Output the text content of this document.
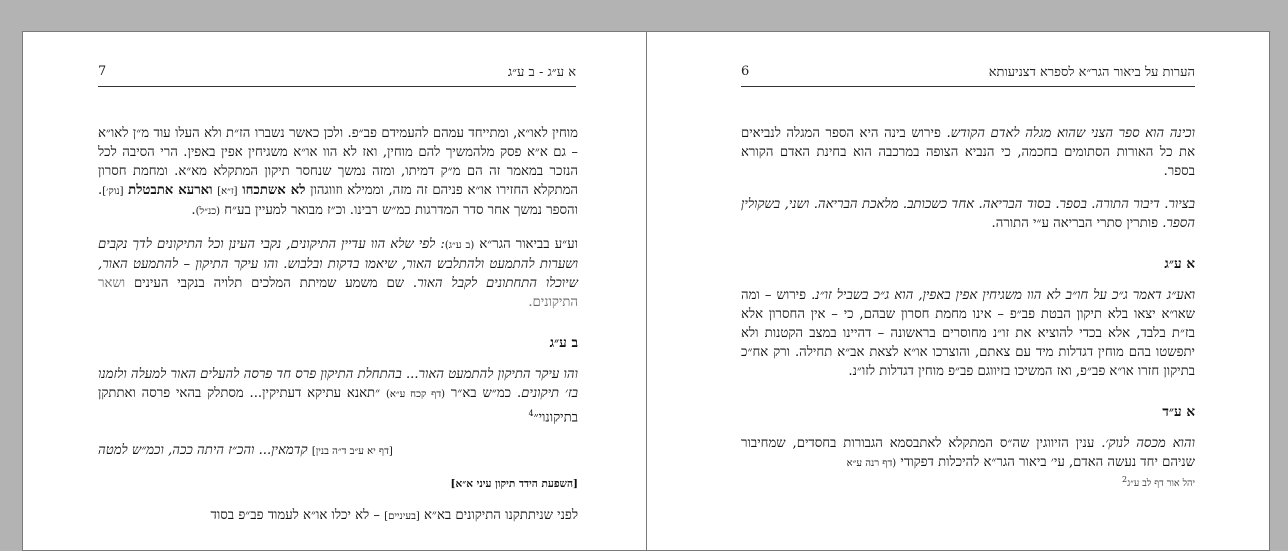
7	א ע״ג - ב ע״ג

מוחין לאו״א, ומתייחד עמהם להעמידם פב״פ. ולכן כאשר נשברו הז״ת ולא העלו עוד מ״ן לאו״א – גם א״א פסק מלהמשיך להם מוחין, ואז לא הוו או״א משגיחין אפין באפין. הרי הסיבה לכל הנזכר במאמר זה הם מ״ק דמיתו, ומזה נמשך שנחסר תיקון המתקלא מא״א. ומחמת חסרון המתקלא החזירו או״א פניהם זה מזה, וממילא וזווגהון לא אשתכחו [ז״א] וארעא אתבטלת [נוק׳]. והספר נמשך אחר סדר המדרגות כמ״ש רבינו. וכ״ז מבואר למעיין בע״ח (כנ״ל).

וע״ע בביאור הגר״א (ב ע״ג): לפי שלא הוו עדיין התיקונים, נקבי העינן וכל התיקונים לדך נקבים ושערות להתמעט ולהתלבש האור, שיאמו בדקות ובלבוש. והו עיקר התיקון – להתמעט האור, שיוכלו התחתונים לקבל האור. שם משמע שמיתת המלכים תלויה בנקבי העינים ושאר התיקונים.

ב ע״ג

והו עיקר התיקון להתמעט האור... בהתחלת התיקון פרס חד פרסה להעלים האור למעלה ולזמנו בז׳ תיקונים. כמ״ש בא״ר (דף קכח ע״א) ״תאנא עתיקא דעתיקין... מסתלק בהאי פרסה ואתתקן בתיקונוי״$^4$

[דף יא ע״ב ד״ה בנין] קדמאין... והכ״ז היתה ככה, וכמ״ש למטה

[השפעת הידד תיקון עיני א״א]

לפני שניתתקנו התיקונים בא״א [בעיניים] – לא יכלו או״א לעמוד פב״פ בסוד

6	הערות על ביאור הגר״א לספרא דצניעותא

וכינה הוא ספר הצני שהוא מגלה לאדם הקודש. פירוש בינה היא הספר המגלה לנביאים את כל האורות הסתומים בחכמה, כי הנביא הצופה במרכבה הוא בחינת האדם הקורא בספר.

בציור. דיבור התורה. בספר. בסוד הבריאה. אחד כשכותב. מלאכת הבריאה. ושני, בשקולין הספר. פותרין סתרי הבריאה ע״י התורה.

א ע״ג

ואע״ג דאמר ג״כ על חו״ב לא הוו משגיחין אפין באפין, הוא ג״כ בשביל זו״נ. פירוש – ומה שאו״א יצאו בלא תיקון הבטת פב״פ – אינו מחמת חסרון שבהם, כי – אין החסרון אלא בז״ת בלבד, אלא בכדי להוציא את זו״נ מחוסרים בראשונה – דהיינו במצב הקטנות ולא יתפשטו בהם מוחין דגדלות מיד עם צאתם, והוצרכו או״א לצאת אב״א תחילה. ורק אח״כ בתיקון חזרו או״א פב״פ, ואז המשיכו בזיווגם פב״פ מוחין דגדלות לזו״נ.

א ע״ד

והוא מכסה לנוק׳. ענין הזיווגין שה״ס המתקלא לאתבסמא הגבורות בחסדים, שמחיבור שניהם יחד נעשה האדם, עי׳ ביאור הגר״א להיכלות דפקודי (דף רנה ע״א

יהל אור דף לב ע״ג$^2$
